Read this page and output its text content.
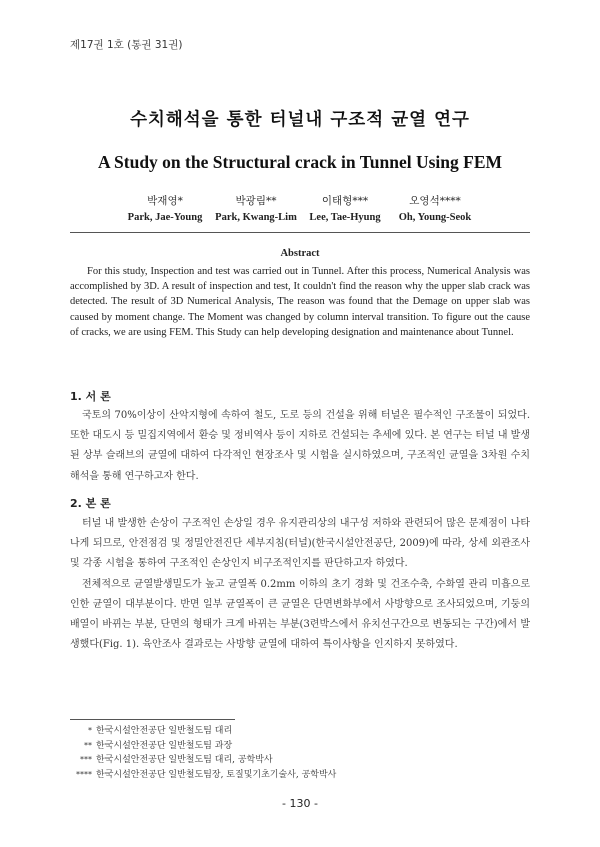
제17권 1호 (통권 31권)
수치해석을 통한 터널내 구조적 균열 연구
A Study on the Structural crack in Tunnel Using FEM
박재영*
Park, Jae-Young
박광림**
Park, Kwang-Lim
이태형***
Lee, Tae-Hyung
오영석****
Oh, Young-Seok
Abstract
For this study, Inspection and test was carried out in Tunnel. After this process, Numerical Analysis was accomplished by 3D. A result of inspection and test, It couldn't find the reason why the upper slab crack was detected. The result of 3D Numerical Analysis, The reason was found that the Demage on upper slab was caused by moment change. The Moment was changed by column interval transition. To figure out the cause of cracks, we are using FEM. This Study can help developing designation and maintenance about Tunnel.
1. 서 론

국토의 70%이상이 산악지형에 속하여 철도, 도로 등의 건설을 위해 터널은 필수적인 구조물이 되었다. 또한 대도시 등 밀집지역에서 환승 및 정비역사 등이 지하로 건설되는 추세에 있다. 본 연구는 터널 내 발생된 상부 슬래브의 균열에 대하여 다각적인 현장조사 및 시험을 실시하였으며, 구조적인 균열을 3차원 수치해석을 통해 연구하고자 한다.

2. 본 론

터널 내 발생한 손상이 구조적인 손상일 경우 유지관리상의 내구성 저하와 관련되어 많은 문제점이 나타나게 되므로, 안전점검 및 정밀안전진단 세부지침(터널)(한국시설안전공단, 2009)에 따라, 상세 외관조사 및 각종 시험을 통하여 구조적인 손상인지 비구조적인지를 판단하고자 하였다.

전체적으로 균열발생밀도가 높고 균열폭 0.2mm 이하의 초기 경화 및 건조수축, 수화열 관리 미흡으로 인한 균열이 대부분이다. 반면 일부 균열폭이 큰 균열은 단면변화부에서 사방향으로 조사되었으며, 기둥의 배열이 바뀌는 부분, 단면의 형태가 크게 바뀌는 부분(3련박스에서 유치선구간으로 변동되는 구간)에서 발생했다(Fig. 1). 육안조사 결과로는 사방향 균열에 대하여 특이사항을 인지하지 못하였다.

* 한국시설안전공단 일반철도팀 대리
** 한국시설안전공단 일반철도팀 과장
*** 한국시설안전공단 일반철도팀 대리, 공학박사
**** 한국시설안전공단 일반철도팀장, 토질및기초기술사, 공학박사
- 130 -
